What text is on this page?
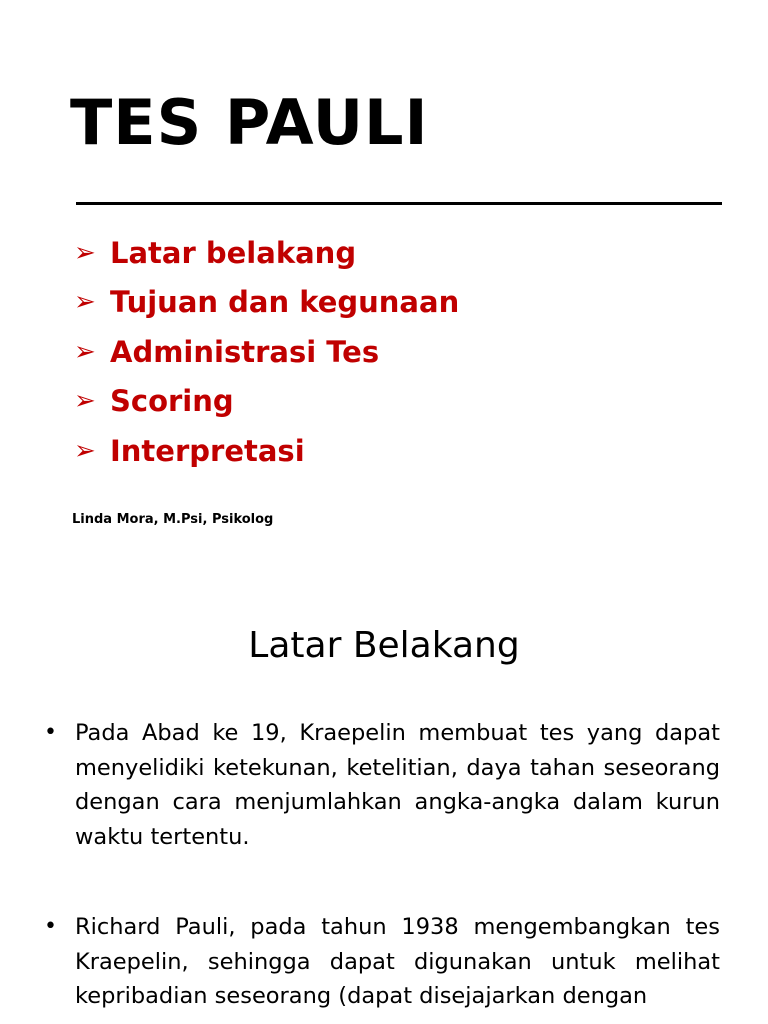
TES PAULI
➢ Latar belakang
➢ Tujuan dan kegunaan
➢ Administrasi Tes
➢ Scoring
➢ Interpretasi
Linda Mora, M.Psi, Psikolog
Latar Belakang
• Pada Abad ke 19, Kraepelin membuat tes yang dapat menyelidiki ketekunan, ketelitian, daya tahan seseorang dengan cara menjumlahkan angka-angka dalam kurun waktu tertentu.
• Richard Pauli, pada tahun 1938 mengembangkan tes Kraepelin, sehingga dapat digunakan untuk melihat kepribadian seseorang (dapat disejajarkan dengan
